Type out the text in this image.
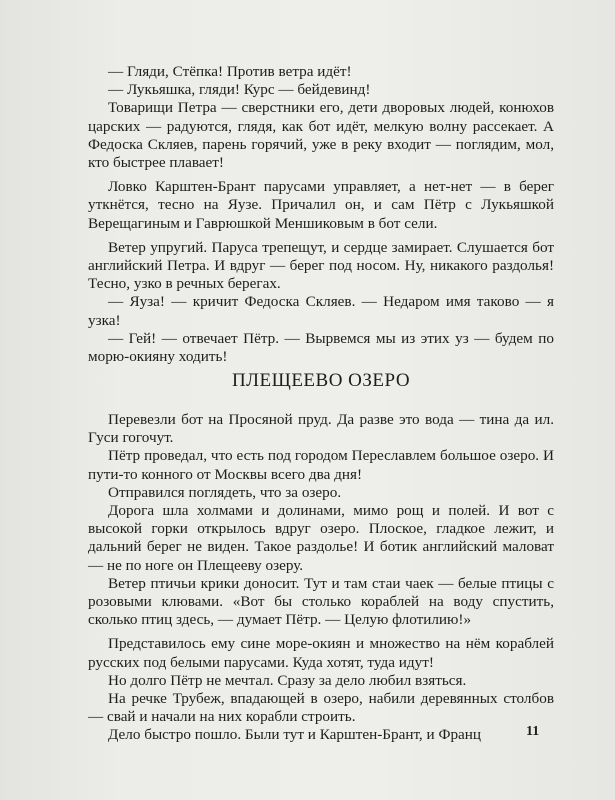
— Гляди, Стёпка! Против ветра идёт!

— Лукьяшка, гляди! Курс — бейдевинд!

Товарищи Петра — сверстники его, дети дворовых людей, конюхов царских — радуются, глядя, как бот идёт, мелкую волну рассекает. А Федоска Скляев, парень горячий, уже в реку входит — поглядим, мол, кто быстрее плавает!

Ловко Карштен-Брант парусами управляет, а нет-нет — в берег уткнётся, тесно на Яузе. Причалил он, и сам Пётр с Лукьяшкой Верещагиным и Гаврюшкой Меншиковым в бот сели.

Ветер упругий. Паруса трепещут, и сердце замирает. Слушается бот английский Петра. И вдруг — берег под носом. Ну, никакого раздолья! Тесно, узко в речных берегах.

— Яуза! — кричит Федоска Скляев. — Недаром имя таково — я узка!

— Гей! — отвечает Пётр. — Вырвемся мы из этих уз — будем по морю-окияну ходить!

ПЛЕЩЕЕВО ОЗЕРО

Перевезли бот на Просяной пруд. Да разве это вода — тина да ил. Гуси гогочут.

Пётр проведал, что есть под городом Переславлем большое озеро. И пути-то конного от Москвы всего два дня!

Отправился поглядеть, что за озеро.

Дорога шла холмами и долинами, мимо рощ и полей. И вот с высокой горки открылось вдруг озеро. Плоское, гладкое лежит, и дальний берег не виден. Такое раздолье! И ботик английский маловат — не по ноге он Плещееву озеру.

Ветер птичьи крики доносит. Тут и там стаи чаек — белые птицы с розовыми клювами. «Вот бы столько кораблей на воду спустить, сколько птиц здесь, — думает Пётр. — Целую флотилию!»

Представилось ему сине море-окиян и множество на нём кораблей русских под белыми парусами. Куда хотят, туда идут!

Но долго Пётр не мечтал. Сразу за дело любил взяться.

На речке Трубеж, впадающей в озеро, набили деревянных столбов — свай и начали на них корабли строить.

Дело быстро пошло. Были тут и Карштен-Брант, и Франц	11
